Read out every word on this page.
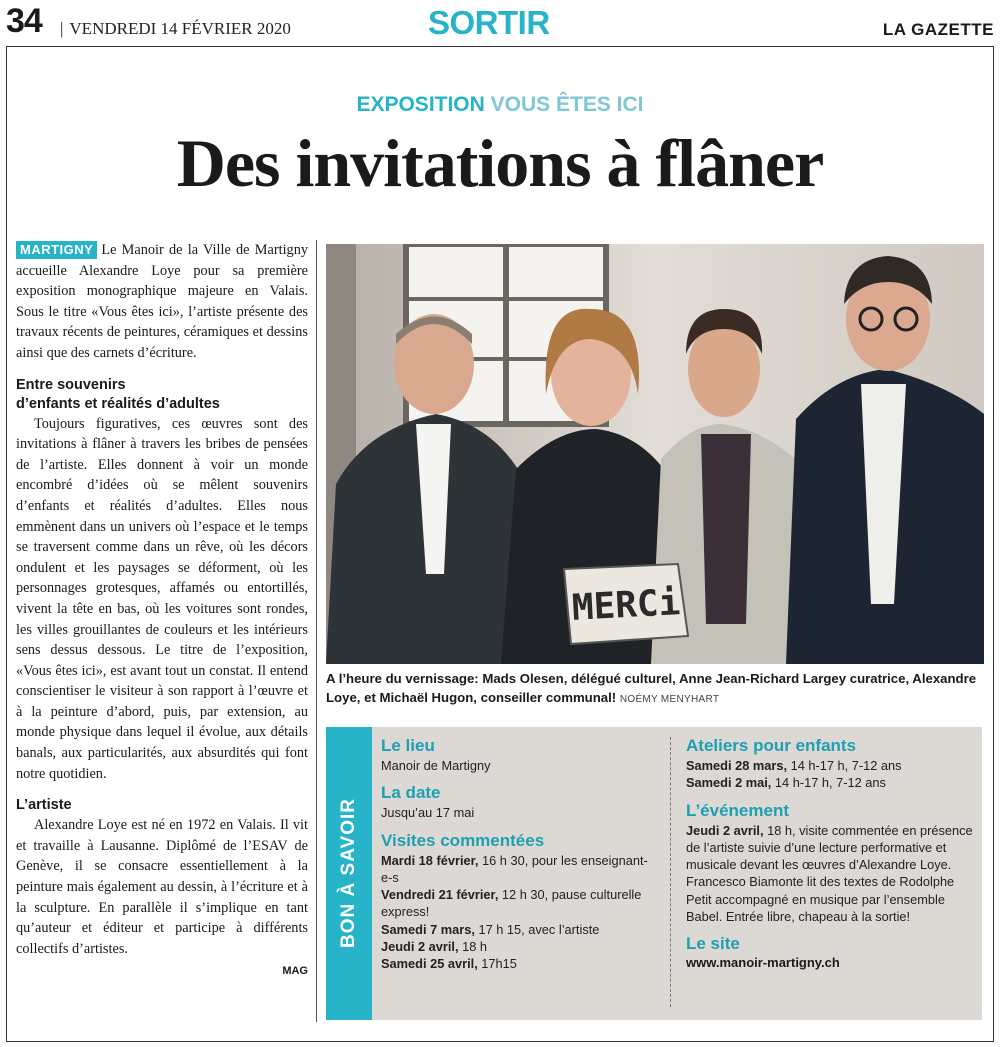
34 | VENDREDI 14 FÉVRIER 2020	SORTIR	LA GAZETTE
EXPOSITION VOUS ÊTES ICI
Des invitations à flâner

MARTIGNY Le Manoir de la Ville de Martigny accueille Alexandre Loye pour sa première exposition monographique majeure en Valais. Sous le titre «Vous êtes ici», l’artiste présente des travaux récents de peintures, céramiques et dessins ainsi que des carnets d’écriture.

Entre souvenirs
d’enfants et réalités d’adultes

Toujours figuratives, ces œuvres sont des invitations à flâner à travers les bribes de pensées de l’artiste. Elles donnent à voir un monde encombré d’idées où se mêlent souvenirs d’enfants et réalités d’adultes. Elles nous emmènent dans un univers où l’espace et le temps se traversent comme dans un rêve, où les décors ondulent et les paysages se déforment, où les personnages grotesques, affamés ou entortillés, vivent la tête en bas, où les voitures sont rondes, les villes grouillantes de couleurs et les intérieurs sens dessus dessous. Le titre de l’exposition, «Vous êtes ici», est avant tout un constat. Il entend conscientiser le visiteur à son rapport à l’œuvre et à la peinture d’abord, puis, par extension, au monde physique dans lequel il évolue, aux détails banals, aux particularités, aux absurdités qui font notre quotidien.

L’artiste

Alexandre Loye est né en 1972 en Valais. Il vit et travaille à Lausanne. Diplômé de l’ESAV de Genève, il se consacre essentiellement à la peinture mais également au dessin, à l’écriture et à la sculpture. En parallèle il s’implique en tant qu’auteur et éditeur et participe à différents collectifs d’artistes.

MAG
MERCi
A l’heure du vernissage: Mads Olesen, délégué culturel, Anne Jean-Richard Largey curatrice, Alexandre Loye, et Michaël Hugon, conseiller communal! NOÉMY MENYHART
BON À SAVOIR
Le lieu
Manoir de Martigny
La date
Jusqu’au 17 mai
Visites commentées
Mardi 18 février, 16 h 30, pour les enseignant-e-s
Vendredi 21 février, 12 h 30, pause culturelle express!
Samedi 7 mars, 17 h 15, avec l’artiste
Jeudi 2 avril, 18 h
Samedi 25 avril, 17h15
Ateliers pour enfants
Samedi 28 mars, 14 h-17 h, 7-12 ans
Samedi 2 mai, 14 h-17 h, 7-12 ans
L’événement
Jeudi 2 avril, 18 h, visite commentée en présence de l’artiste suivie d’une lecture performative et musicale devant les œuvres d’Alexandre Loye. Francesco Biamonte lit des textes de Rodolphe Petit accompagné en musique par l’ensemble Babel. Entrée libre, chapeau à la sortie!
Le site
www.manoir-martigny.ch
